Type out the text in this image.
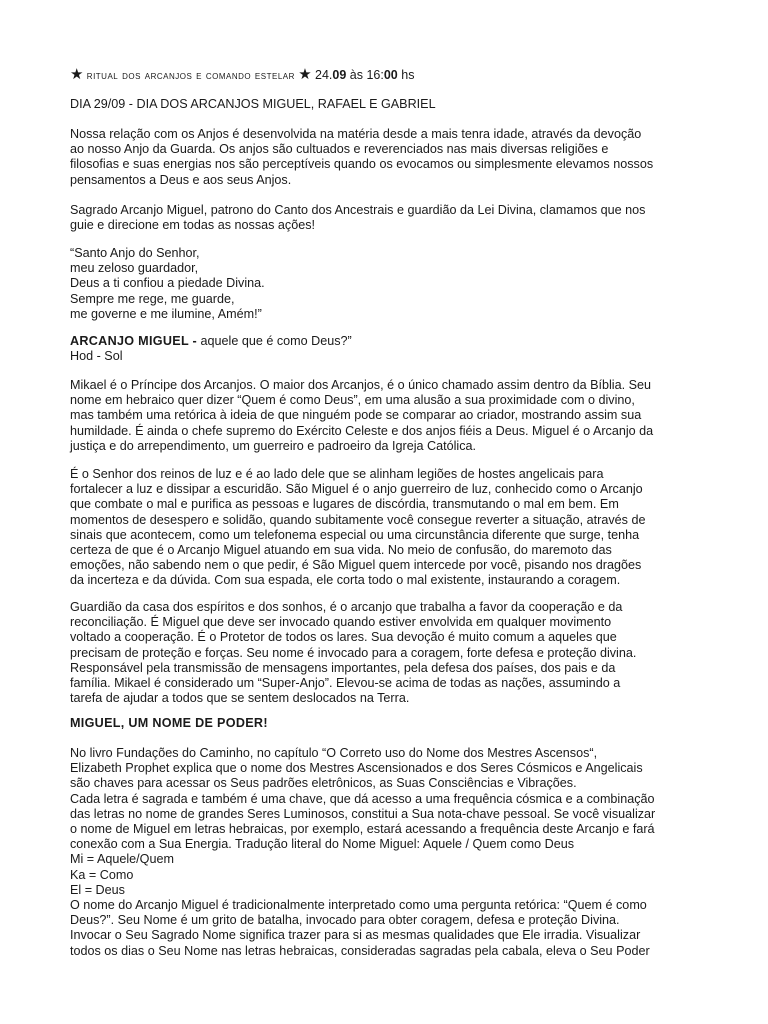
★ ritual dos arcanjos e comando estelar ★ 24.09 às 16:00 hs
DIA 29/09 - DIA DOS ARCANJOS MIGUEL, RAFAEL E GABRIEL
Nossa relação com os Anjos é desenvolvida na matéria desde a mais tenra idade, através da devoção
ao nosso Anjo da Guarda. Os anjos são cultuados e reverenciados nas mais diversas religiões e
filosofias e suas energias nos são perceptíveis quando os evocamos ou simplesmente elevamos nossos
pensamentos a Deus e aos seus Anjos.
Sagrado Arcanjo Miguel, patrono do Canto dos Ancestrais e guardião da Lei Divina, clamamos que nos
guie e direcione em todas as nossas ações!
“Santo Anjo do Senhor,
meu zeloso guardador,
Deus a ti confiou a piedade Divina.
Sempre me rege, me guarde,
me governe e me ilumine, Amém!”
ARCANJO MIGUEL - aquele que é como Deus?”
Hod - Sol
Mikael é o Príncipe dos Arcanjos. O maior dos Arcanjos, é o único chamado assim dentro da Bíblia. Seu
nome em hebraico quer dizer “Quem é como Deus”, em uma alusão a sua proximidade com o divino,
mas também uma retórica à ideia de que ninguém pode se comparar ao criador, mostrando assim sua
humildade. É ainda o chefe supremo do Exército Celeste e dos anjos fiéis a Deus. Miguel é o Arcanjo da
justiça e do arrependimento, um guerreiro e padroeiro da Igreja Católica.
É o Senhor dos reinos de luz e é ao lado dele que se alinham legiões de hostes angelicais para
fortalecer a luz e dissipar a escuridão. São Miguel é o anjo guerreiro de luz, conhecido como o Arcanjo
que combate o mal e purifica as pessoas e lugares de discórdia, transmutando o mal em bem. Em
momentos de desespero e solidão, quando subitamente você consegue reverter a situação, através de
sinais que acontecem, como um telefonema especial ou uma circunstância diferente que surge, tenha
certeza de que é o Arcanjo Miguel atuando em sua vida. No meio de confusão, do maremoto das
emoções, não sabendo nem o que pedir, é São Miguel quem intercede por você, pisando nos dragões
da incerteza e da dúvida. Com sua espada, ele corta todo o mal existente, instaurando a coragem.
Guardião da casa dos espíritos e dos sonhos, é o arcanjo que trabalha a favor da cooperação e da
reconciliação. É Miguel que deve ser invocado quando estiver envolvida em qualquer movimento
voltado a cooperação. É o Protetor de todos os lares. Sua devoção é muito comum a aqueles que
precisam de proteção e forças. Seu nome é invocado para a coragem, forte defesa e proteção divina.
Responsável pela transmissão de mensagens importantes, pela defesa dos países, dos pais e da
família. Mikael é considerado um “Super-Anjo”. Elevou-se acima de todas as nações, assumindo a
tarefa de ajudar a todos que se sentem deslocados na Terra.
MIGUEL, UM NOME DE PODER!
No livro Fundações do Caminho, no capítulo “O Correto uso do Nome dos Mestres Ascensos“,
Elizabeth Prophet explica que o nome dos Mestres Ascensionados e dos Seres Cósmicos e Angelicais
são chaves para acessar os Seus padrões eletrônicos, as Suas Consciências e Vibrações.
Cada letra é sagrada e também é uma chave, que dá acesso a uma frequência cósmica e a combinação
das letras no nome de grandes Seres Luminosos, constitui a Sua nota-chave pessoal. Se você visualizar
o nome de Miguel em letras hebraicas, por exemplo, estará acessando a frequência deste Arcanjo e fará
conexão com a Sua Energia. Tradução literal do Nome Miguel: Aquele / Quem como Deus
Mi = Aquele/Quem
Ka = Como
El = Deus
O nome do Arcanjo Miguel é tradicionalmente interpretado como uma pergunta retórica: “Quem é como
Deus?”. Seu Nome é um grito de batalha, invocado para obter coragem, defesa e proteção Divina.
Invocar o Seu Sagrado Nome significa trazer para si as mesmas qualidades que Ele irradia. Visualizar
todos os dias o Seu Nome nas letras hebraicas, consideradas sagradas pela cabala, eleva o Seu Poder
